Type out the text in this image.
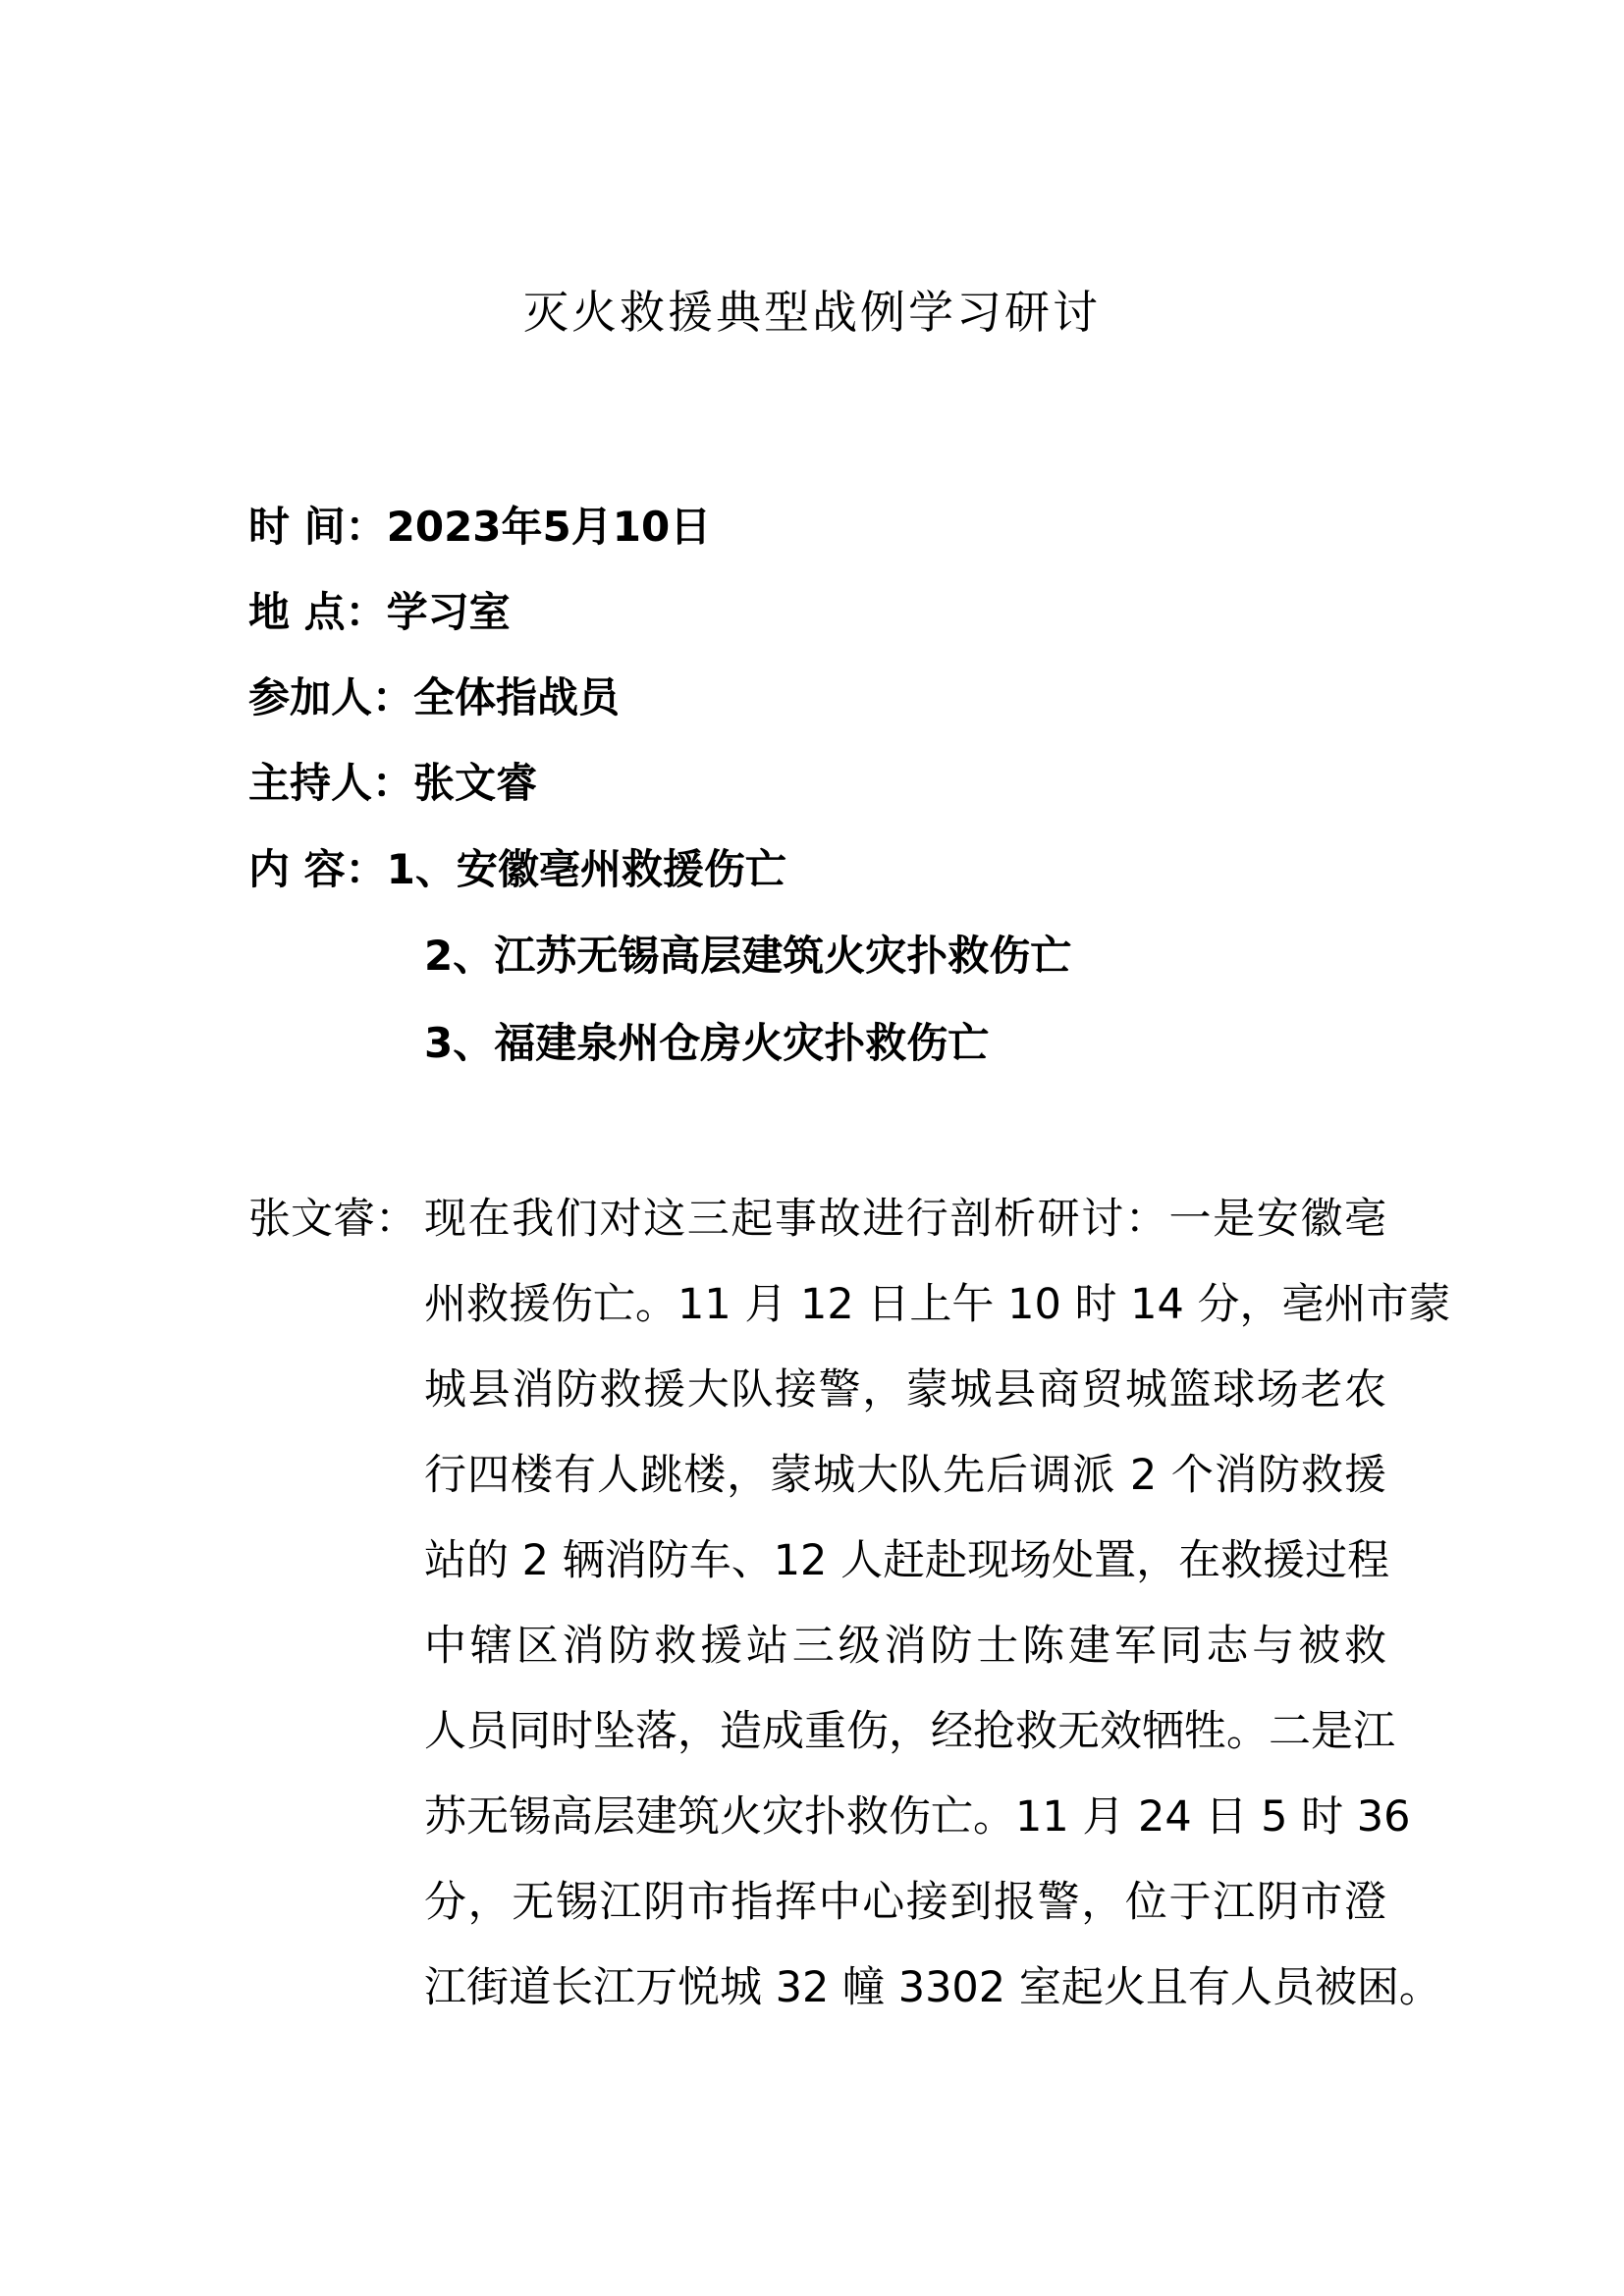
灭火救援典型战例学习研讨
时 间：2023年5月10日
地 点：学习室
参加人：全体指战员
主持人：张文睿
内 容：1、安徽亳州救援伤亡
2、江苏无锡高层建筑火灾扑救伤亡
3、福建泉州仓房火灾扑救伤亡
张文睿： 现在我们对这三起事故进行剖析研讨：一是安徽亳
州救援伤亡。11 月 12 日上午 10 时 14 分，亳州市蒙
城县消防救援大队接警，蒙城县商贸城篮球场老农
行四楼有人跳楼，蒙城大队先后调派 2 个消防救援
站的 2 辆消防车、12 人赶赴现场处置，在救援过程
中辖区消防救援站三级消防士陈建军同志与被救
人员同时坠落，造成重伤，经抢救无效牺牲。二是江
苏无锡高层建筑火灾扑救伤亡。11 月 24 日 5 时 36
分，无锡江阴市指挥中心接到报警，位于江阴市澄
江街道长江万悦城 32 幢 3302 室起火且有人员被困。
